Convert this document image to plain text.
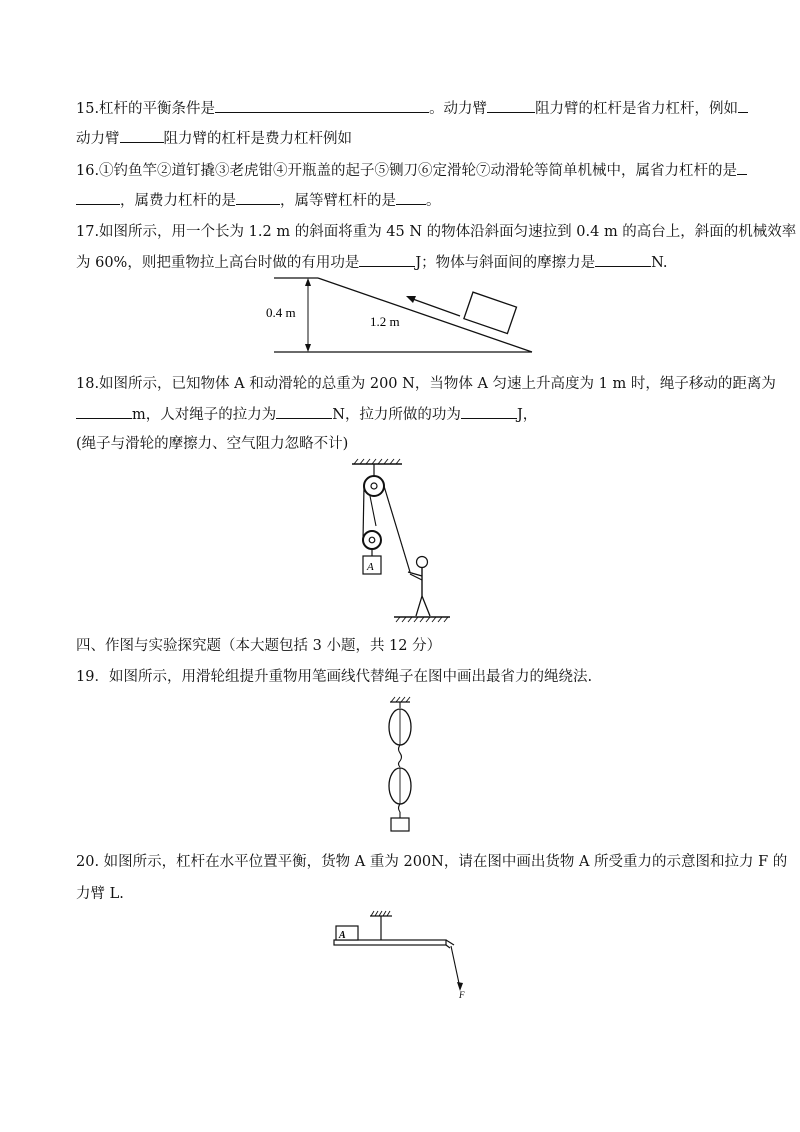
15.杠杆的平衡条件是	。动力臂	阻力臂的杠杆是省力杠杆，例如
动力臂	阻力臂的杠杆是费力杠杆例如
16.①钓鱼竿②道钉撬③老虎钳④开瓶盖的起子⑤铡刀⑥定滑轮⑦动滑轮等简单机械中，属省力杠杆的是
，属费力杠杆的是	，属等臂杠杆的是 。
17.如图所示，用一个长为 1.2 m 的斜面将重为 45 N 的物体沿斜面匀速拉到 0.4 m 的高台上，斜面的机械效率
为 60%，则把重物拉上高台时做的有用功是	J；物体与斜面间的摩擦力是	N.
0.4 m
1.2 m
18.如图所示，已知物体 A 和动滑轮的总重为 200 N，当物体 A 匀速上升高度为 1 m 时，绳子移动的距离为
m，人对绳子的拉力为	N，拉力所做的功为	J，
(绳子与滑轮的摩擦力、空气阻力忽略不计)
A
四、作图与实验探究题（本大题包括 3 小题，共 12 分）
19．如图所示，用滑轮组提升重物用笔画线代替绳子在图中画出最省力的绳绕法.
20. 如图所示，杠杆在水平位置平衡，货物 A 重为 200N，请在图中画出货物 A 所受重力的示意图和拉力 F 的
力臂 L.
A
F
